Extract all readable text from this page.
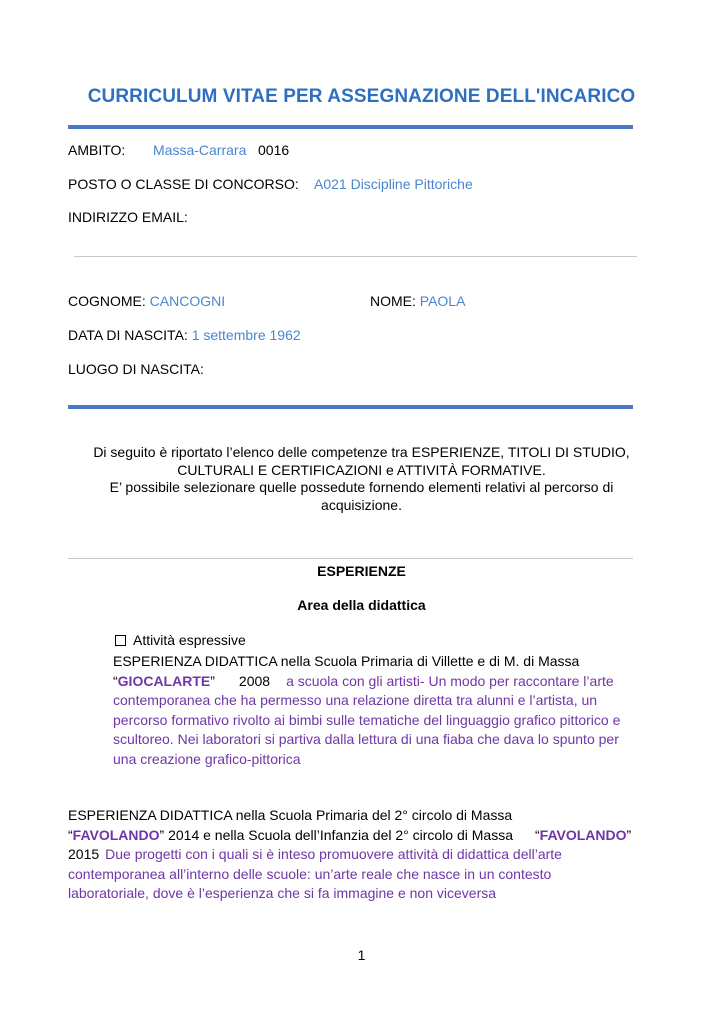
CURRICULUM VITAE PER ASSEGNAZIONE DELL'INCARICO
AMBITO: Massa-Carrara 0016
POSTO O CLASSE DI CONCORSO: A021 Discipline Pittoriche
INDIRIZZO EMAIL:
COGNOME: CANCOGNI	NOME: PAOLA
DATA DI NASCITA: 1 settembre 1962
LUOGO DI NASCITA:
Di seguito è riportato l’elenco delle competenze tra ESPERIENZE, TITOLI DI STUDIO,
CULTURALI E CERTIFICAZIONI e ATTIVITÀ FORMATIVE.
E’ possibile selezionare quelle possedute fornendo elementi relativi al percorso di
acquisizione.
ESPERIENZE
Area della didattica
Attività espressive
ESPERIENZA DIDATTICA nella Scuola Primaria di Villette e di M. di Massa
“GIOCALARTE” 2008 a scuola con gli artisti- Un modo per raccontare l’arte
contemporanea che ha permesso una relazione diretta tra alunni e l’artista, un
percorso formativo rivolto ai bimbi sulle tematiche del linguaggio grafico pittorico e
scultoreo. Nei laboratori si partiva dalla lettura di una fiaba che dava lo spunto per
una creazione grafico-pittorica
ESPERIENZA DIDATTICA nella Scuola Primaria del 2° circolo di Massa
“FAVOLANDO” 2014 e nella Scuola dell’Infanzia del 2° circolo di Massa “FAVOLANDO”
2015 Due progetti con i quali si è inteso promuovere attività di didattica dell’arte
contemporanea all’interno delle scuole: un’arte reale che nasce in un contesto
laboratoriale, dove è l’esperienza che si fa immagine e non viceversa
1
